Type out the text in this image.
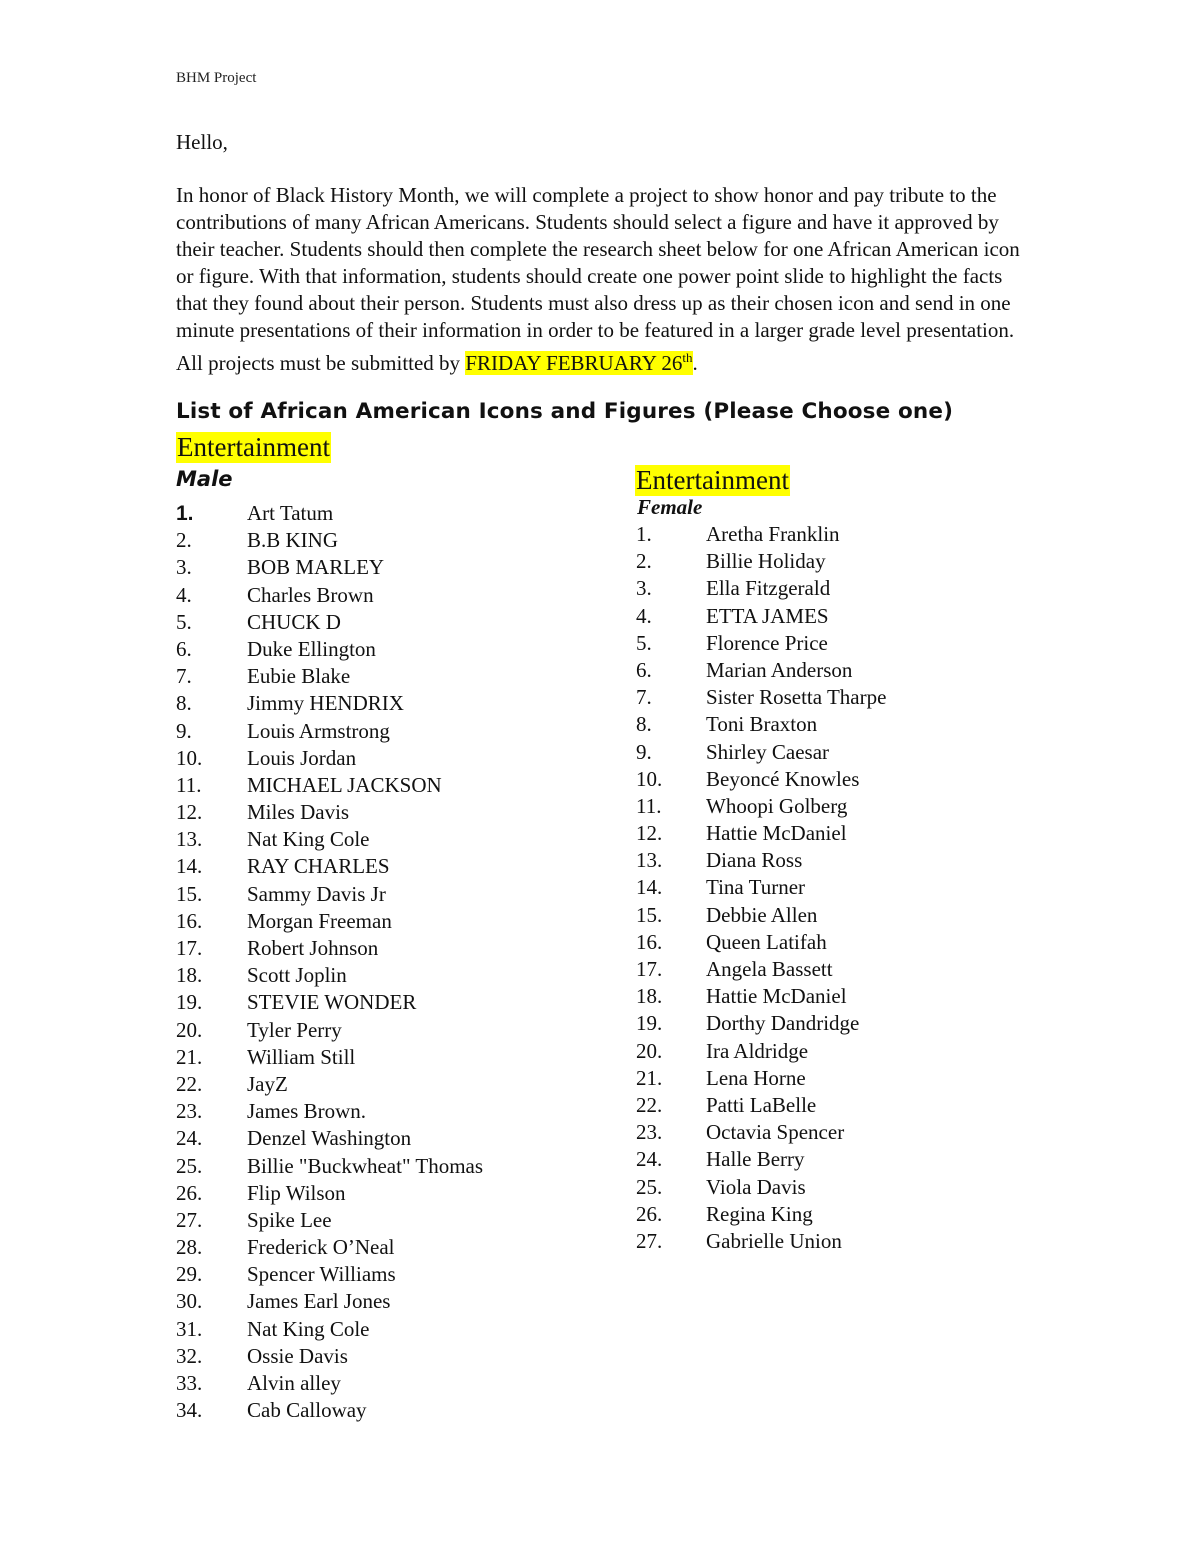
BHM Project
Hello,
In honor of Black History Month, we will complete a project to show honor and pay tribute to the contributions of many African Americans. Students should select a figure and have it approved by their teacher. Students should then complete the research sheet below for one African American icon or figure. With that information, students should create one power point slide to highlight the facts that they found about their person. Students must also dress up as their chosen icon and send in one minute presentations of their information in order to be featured in a larger grade level presentation. All projects must be submitted by FRIDAY FEBRUARY 26th.
List of African American Icons and Figures (Please Choose one)
Entertainment
Male	Entertainment
Female
1.	Art Tatum
2.	B.B KING
3.	BOB MARLEY
4.	Charles Brown
5.	CHUCK D
6.	Duke Ellington
7.	Eubie Blake
8.	Jimmy HENDRIX
9.	Louis Armstrong
10. Louis Jordan
11. MICHAEL JACKSON
12. Miles Davis
13. Nat King Cole
14. RAY CHARLES
15. Sammy Davis Jr
16. Morgan Freeman
17. Robert Johnson
18. Scott Joplin
19. STEVIE WONDER
20. Tyler Perry
21. William Still
22. JayZ
23. James Brown.
24. Denzel Washington
25. Billie "Buckwheat" Thomas
26. Flip Wilson
27. Spike Lee
28. Frederick O’Neal
29. Spencer Williams
30. James Earl Jones
31. Nat King Cole
32. Ossie Davis
33. Alvin alley
34. Cab Calloway
1.	Aretha Franklin
2.	Billie Holiday
3.	Ella Fitzgerald
4.	ETTA JAMES
5.	Florence Price
6.	Marian Anderson
7.	Sister Rosetta Tharpe
8.	Toni Braxton
9.	Shirley Caesar
10. Beyoncé Knowles
11. Whoopi Golberg
12. Hattie McDaniel
13. Diana Ross
14. Tina Turner
15. Debbie Allen
16. Queen Latifah
17. Angela Bassett
18. Hattie McDaniel
19. Dorthy Dandridge
20. Ira Aldridge
21. Lena Horne
22. Patti LaBelle
23. Octavia Spencer
24. Halle Berry
25. Viola Davis
26. Regina King
27. Gabrielle Union
